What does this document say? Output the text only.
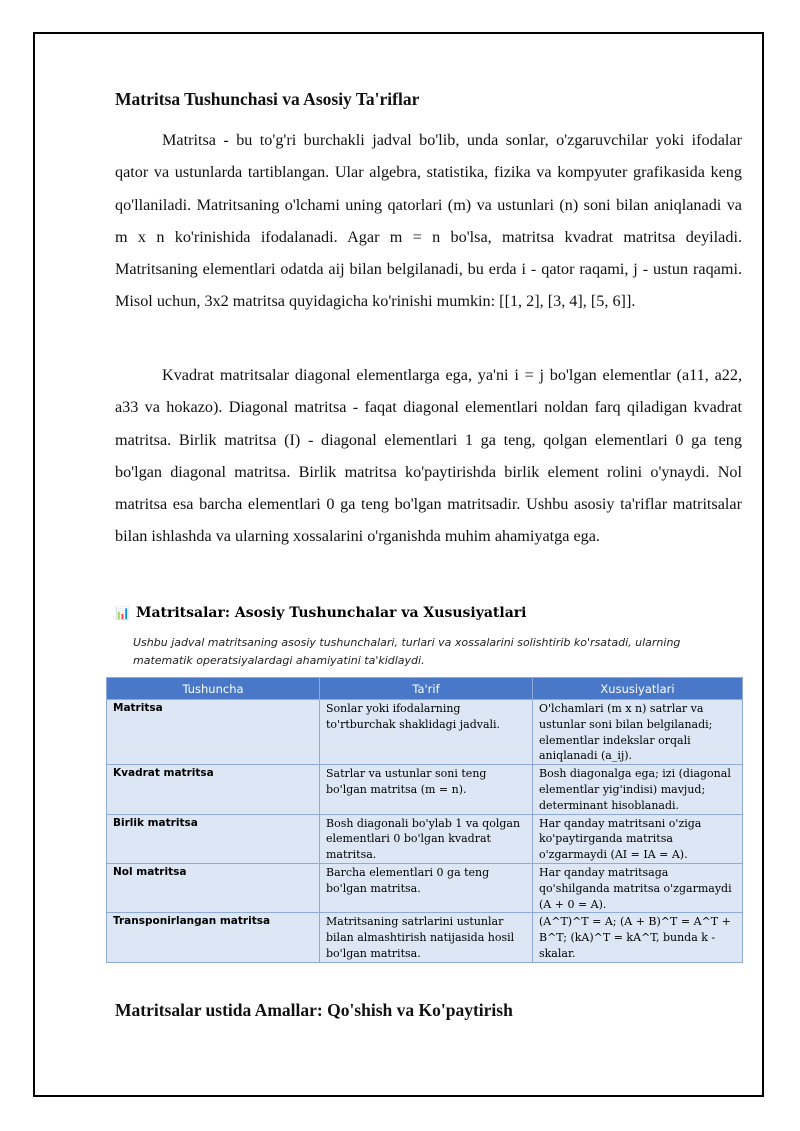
Matritsa Tushunchasi va Asosiy Ta'riflar

Matritsa - bu to'g'ri burchakli jadval bo'lib, unda sonlar, o'zgaruvchilar yoki ifodalar qator va ustunlarda tartiblangan. Ular algebra, statistika, fizika va kompyuter grafikasida keng qo'llaniladi. Matritsaning o'lchami uning qatorlari (m) va ustunlari (n) soni bilan aniqlanadi va m x n ko'rinishida ifodalanadi. Agar m = n bo'lsa, matritsa kvadrat matritsa deyiladi. Matritsaning elementlari odatda aij bilan belgilanadi, bu erda i - qator raqami, j - ustun raqami. Misol uchun, 3x2 matritsa quyidagicha ko'rinishi mumkin: [[1, 2], [3, 4], [5, 6]].

Kvadrat matritsalar diagonal elementlarga ega, ya'ni i = j bo'lgan elementlar (a11, a22, a33 va hokazo). Diagonal matritsa - faqat diagonal elementlari noldan farq qiladigan kvadrat matritsa. Birlik matritsa (I) - diagonal elementlari 1 ga teng, qolgan elementlari 0 ga teng bo'lgan diagonal matritsa. Birlik matritsa ko'paytirishda birlik element rolini o'ynaydi. Nol matritsa esa barcha elementlari 0 ga teng bo'lgan matritsadir. Ushbu asosiy ta'riflar matritsalar bilan ishlashda va ularning xossalarini o'rganishda muhim ahamiyatga ega.

Matritsalar ustida Amallar: Qo'shish va Ko'paytirish
📊 Matritsalar: Asosiy Tushunchalar va Xususiyatlari
Ushbu jadval matritsaning asosiy tushunchalari, turlari va xossalarini solishtirib ko'rsatadi, ularning matematik operatsiyalardagi ahamiyatini ta'kidlaydi.
Tushuncha	Ta'rif	Xususiyatlari
Matritsa	Sonlar yoki ifodalarning to'rtburchak shaklidagi jadvali.	O'lchamlari (m x n) satrlar va ustunlar soni bilan belgilanadi; elementlar indekslar orqali aniqlanadi (a_ij).
Kvadrat matritsa	Satrlar va ustunlar soni teng bo'lgan matritsa (m = n).	Bosh diagonalga ega; izi (diagonal elementlar yig'indisi) mavjud; determinant hisoblanadi.
Birlik matritsa	Bosh diagonali bo'ylab 1 va qolgan elementlari 0 bo'lgan kvadrat matritsa.	Har qanday matritsani o'ziga ko'paytirganda matritsa o'zgarmaydi (AI = IA = A).
Nol matritsa	Barcha elementlari 0 ga teng bo'lgan matritsa.	Har qanday matritsaga qo'shilganda matritsa o'zgarmaydi (A + 0 = A).
Transponirlangan matritsa	Matritsaning satrlarini ustunlar bilan almashtirish natijasida hosil bo'lgan matritsa.	(A^T)^T = A; (A + B)^T = A^T + B^T; (kA)^T = kA^T, bunda k - skalar.
